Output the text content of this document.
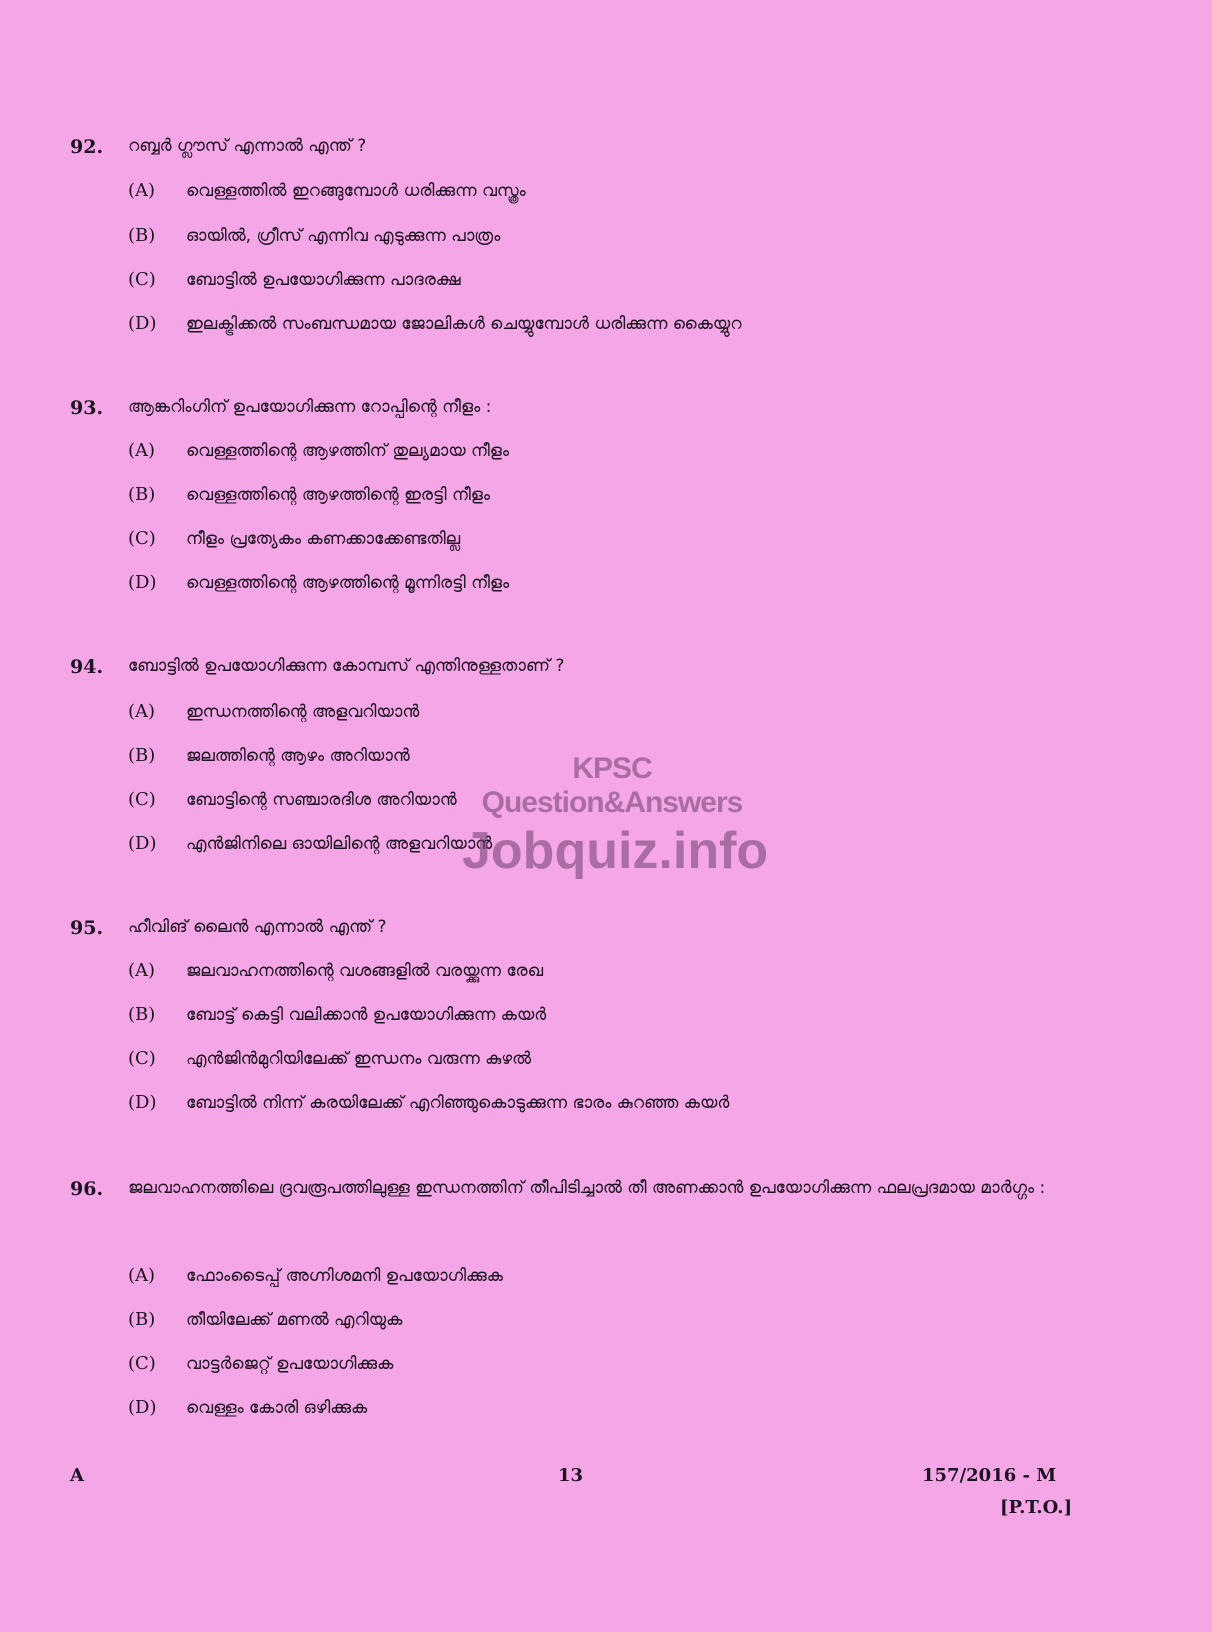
92. റബ്ബർ ഗ്ലൗസ് എന്നാൽ എന്ത് ?
(A) വെള്ളത്തിൽ ഇറങ്ങുമ്പോൾ ധരിക്കുന്ന വസ്ത്രം
(B) ഓയിൽ, ഗ്രീസ് എന്നിവ എടുക്കുന്ന പാത്രം
(C) ബോട്ടിൽ ഉപയോഗിക്കുന്ന പാദരക്ഷ
(D) ഇലക്ട്രിക്കൽ സംബന്ധമായ ജോലികൾ ചെയ്യുമ്പോൾ ധരിക്കുന്ന കൈയ്യുറ
93. ആങ്കറിംഗിന് ഉപയോഗിക്കുന്ന റോപ്പിന്റെ നീളം :
(A) വെള്ളത്തിന്റെ ആഴത്തിന് തുല്യമായ നീളം
(B) വെള്ളത്തിന്റെ ആഴത്തിന്റെ ഇരട്ടി നീളം
(C) നീളം പ്രത്യേകം കണക്കാക്കേണ്ടതില്ല
(D) വെള്ളത്തിന്റെ ആഴത്തിന്റെ മൂന്നിരട്ടി നീളം
94. ബോട്ടിൽ ഉപയോഗിക്കുന്ന കോമ്പസ് എന്തിനുള്ളതാണ് ?
(A) ഇന്ധനത്തിന്റെ അളവറിയാൻ
(B) ജലത്തിന്റെ ആഴം അറിയാൻ
(C) ബോട്ടിന്റെ സഞ്ചാരദിശ അറിയാൻ
(D) എൻജിനിലെ ഓയിലിന്റെ അളവറിയാൻ
95. ഹീവിങ് ലൈൻ എന്നാൽ എന്ത് ?
(A) ജലവാഹനത്തിന്റെ വശങ്ങളിൽ വരയ്ക്കുന്ന രേഖ
(B) ബോട്ട് കെട്ടി വലിക്കാൻ ഉപയോഗിക്കുന്ന കയർ
(C) എൻജിൻമുറിയിലേക്ക് ഇന്ധനം വരുന്ന കുഴൽ
(D) ബോട്ടിൽ നിന്ന് കരയിലേക്ക് എറിഞ്ഞുകൊടുക്കുന്ന ഭാരം കുറഞ്ഞ കയർ
96. ജലവാഹനത്തിലെ ദ്രവരൂപത്തിലുള്ള ഇന്ധനത്തിന് തീപിടിച്ചാൽ തീ അണക്കാൻ ഉപയോഗിക്കുന്ന ഫലപ്രദമായ മാർഗ്ഗം :
(A) ഫോംടൈപ്പ് അഗ്നിശമനി ഉപയോഗിക്കുക
(B) തീയിലേക്ക് മണൽ എറിയുക
(C) വാട്ടർജെറ്റ് ഉപയോഗിക്കുക
(D) വെള്ളം കോരി ഒഴിക്കുക
KPSC Question&Answers
Jobquiz.info
A	13	157/2016 - M
[P.T.O.]
